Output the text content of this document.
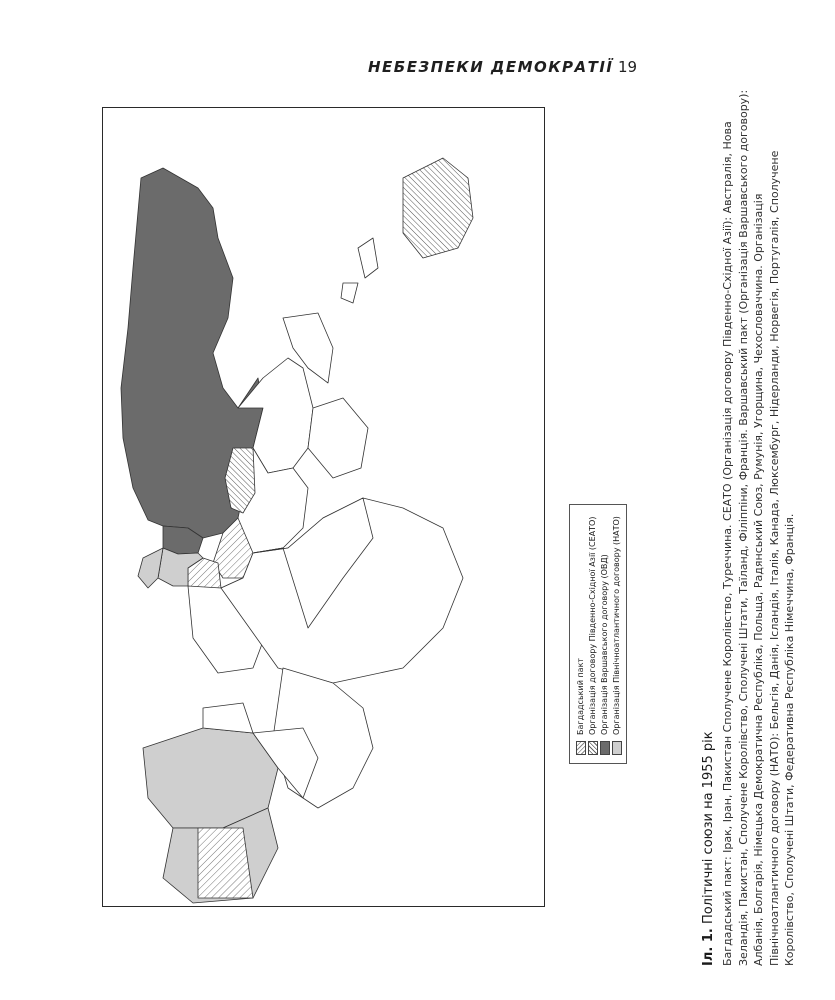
НЕБЕЗПЕКИ ДЕМОКРАТІЇ 19
Багдадський пакт Організація договору Південно-Східної Азії (СЕАТО) Організація Варшавського договору (ОВД) Організація Північноатлантичного договору (НАТО)
Іл. 1. Політичні союзи на 1955 рік Багдадський пакт: Ірак, Іран, Пакистан Сполучене Королівство, Туреччина. СЕАТО (Організація договору Південно-Східної Азії): Австралія, Нова Зеландія, Пакистан, Сполучене Королівство, Сполучені Штати, Таїланд, Філіппіни, Франція. Варшавський пакт (Організація Варшавського договору): Албанія, Болгарія, Німецька Демократична Республіка, Польща, Радянський Союз, Румунія, Угорщина, Чехословаччина. Організація Північноатлантичного договору (НАТО): Бельгія, Данія, Ісландія, Італія, Канада, Люксембург, Нідерланди, Норвегія, Португалія, Сполучене Королівство, Сполучені Штати, Федеративна Республіка Німеччина, Франція.
